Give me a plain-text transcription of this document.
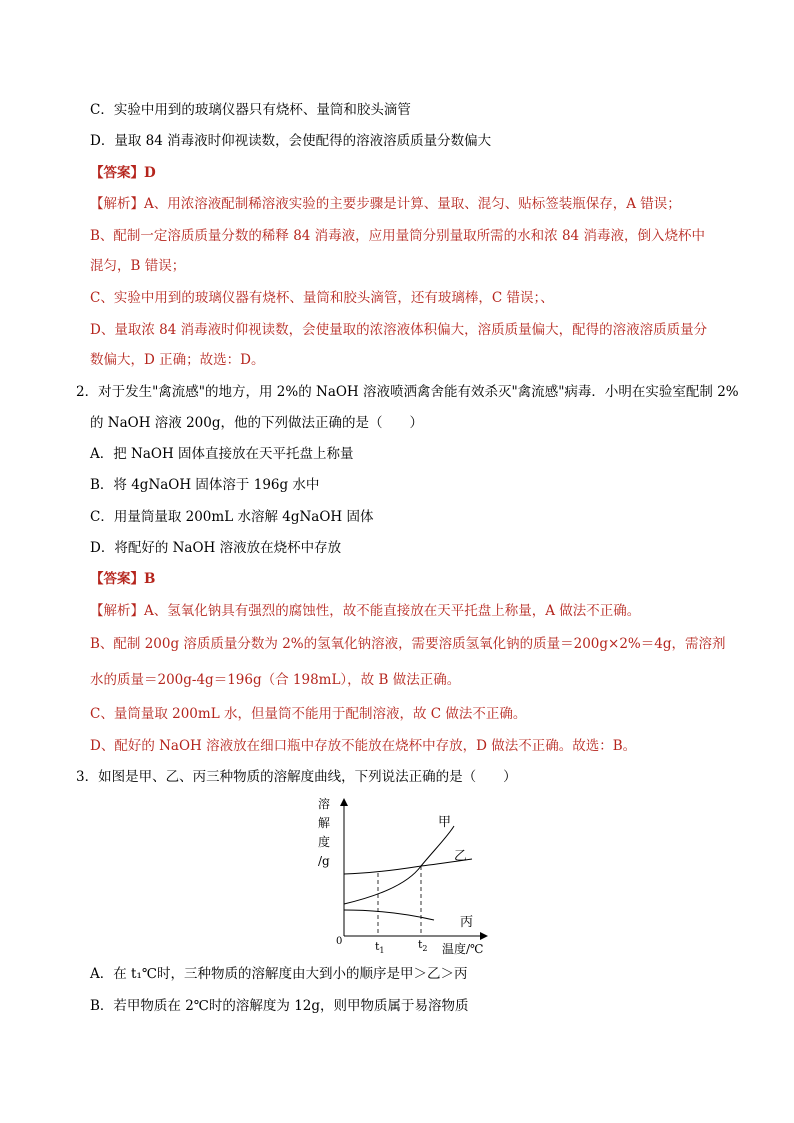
C．实验中用到的玻璃仪器只有烧杯、量筒和胶头滴管
D．量取 84 消毒液时仰视读数，会使配得的溶液溶质质量分数偏大
【答案】D
【解析】A、用浓溶液配制稀溶液实验的主要步骤是计算、量取、混匀、贴标签装瓶保存，A 错误；
B、配制一定溶质质量分数的稀释 84 消毒液，应用量筒分别量取所需的水和浓 84 消毒液，倒入烧杯中
混匀，B 错误；
C、实验中用到的玻璃仪器有烧杯、量筒和胶头滴管，还有玻璃棒，C 错误；、
D、量取浓 84 消毒液时仰视读数，会使量取的浓溶液体积偏大，溶质质量偏大，配得的溶液溶质质量分
数偏大，D 正确；故选：D。
2．对于发生"禽流感"的地方，用 2%的 NaOH 溶液喷洒禽舍能有效杀灭"禽流感"病毒．小明在实验室配制 2%
的 NaOH 溶液 200g，他的下列做法正确的是（　　）
A．把 NaOH 固体直接放在天平托盘上称量
B．将 4gNaOH 固体溶于 196g 水中
C．用量筒量取 200mL 水溶解 4gNaOH 固体
D．将配好的 NaOH 溶液放在烧杯中存放
【答案】B
【解析】A、氢氧化钠具有强烈的腐蚀性，故不能直接放在天平托盘上称量，A 做法不正确。
B、配制 200g 溶质质量分数为 2%的氢氧化钠溶液，需要溶质氢氧化钠的质量＝200g×2%＝4g，需溶剂
水的质量＝200g-4g＝196g（合 198mL），故 B 做法正确。
C、量筒量取 200mL 水，但量筒不能用于配制溶液，故 C 做法不正确。
D、配好的 NaOH 溶液放在细口瓶中存放不能放在烧杯中存放，D 做法不正确。故选：B。
3．如图是甲、乙、丙三种物质的溶解度曲线，下列说法正确的是（　　）
溶
解
度
/g
0	$t_1$	$t_2$ 温度/℃
甲
乙
丙
A．在 t₁℃时，三种物质的溶解度由大到小的顺序是甲＞乙＞丙
B．若甲物质在 2℃时的溶解度为 12g，则甲物质属于易溶物质
